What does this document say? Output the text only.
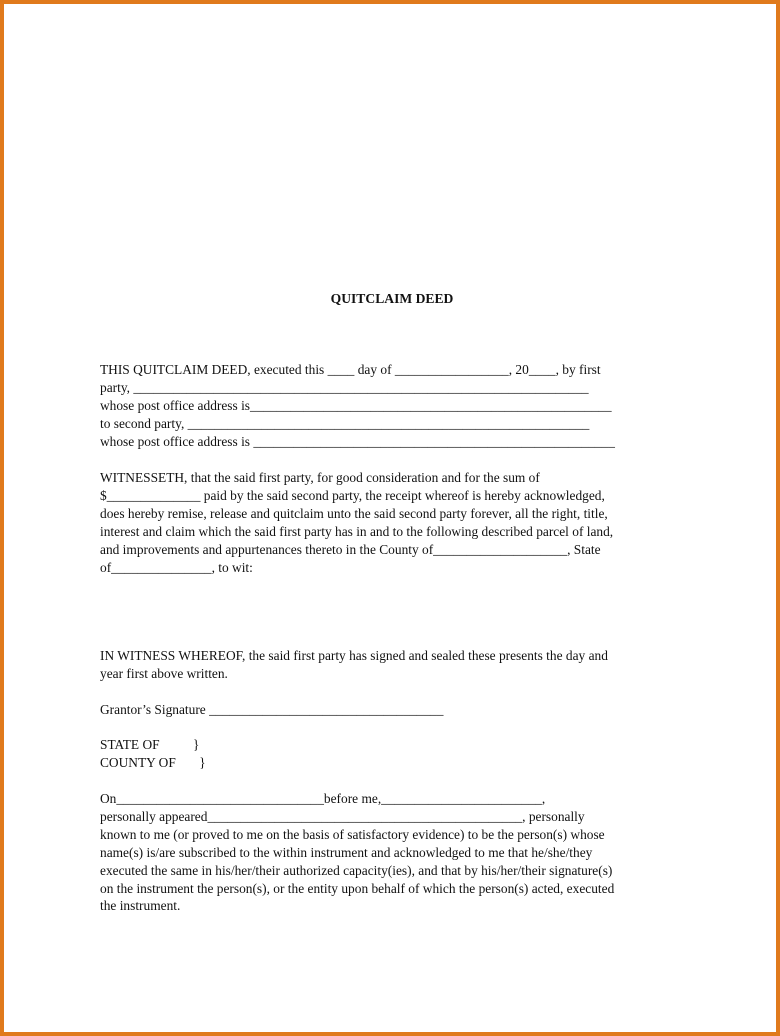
QUITCLAIM DEED
THIS QUITCLAIM DEED, executed this ____ day of _________________, 20____, by first
party, ____________________________________________________________________
whose post office address is______________________________________________________
to second party, ____________________________________________________________
whose post office address is ______________________________________________________
WITNESSETH, that the said first party, for good consideration and for the sum of
$______________ paid by the said second party, the receipt whereof is hereby acknowledged,
does hereby remise, release and quitclaim unto the said second party forever, all the right, title,
interest and claim which the said first party has in and to the following described parcel of land,
and improvements and appurtenances thereto in the County of____________________, State
of_______________, to wit:
IN WITNESS WHEREOF, the said first party has signed and sealed these presents the day and
year first above written.
Grantor’s Signature ___________________________________
STATE OF          }
COUNTY OF       }
On_______________________________before me,________________________,
personally appeared_______________________________________________, personally
known to me (or proved to me on the basis of satisfactory evidence) to be the person(s) whose
name(s) is/are subscribed to the within instrument and acknowledged to me that he/she/they
executed the same in his/her/their authorized capacity(ies), and that by his/her/their signature(s)
on the instrument the person(s), or the entity upon behalf of which the person(s) acted, executed
the instrument.
